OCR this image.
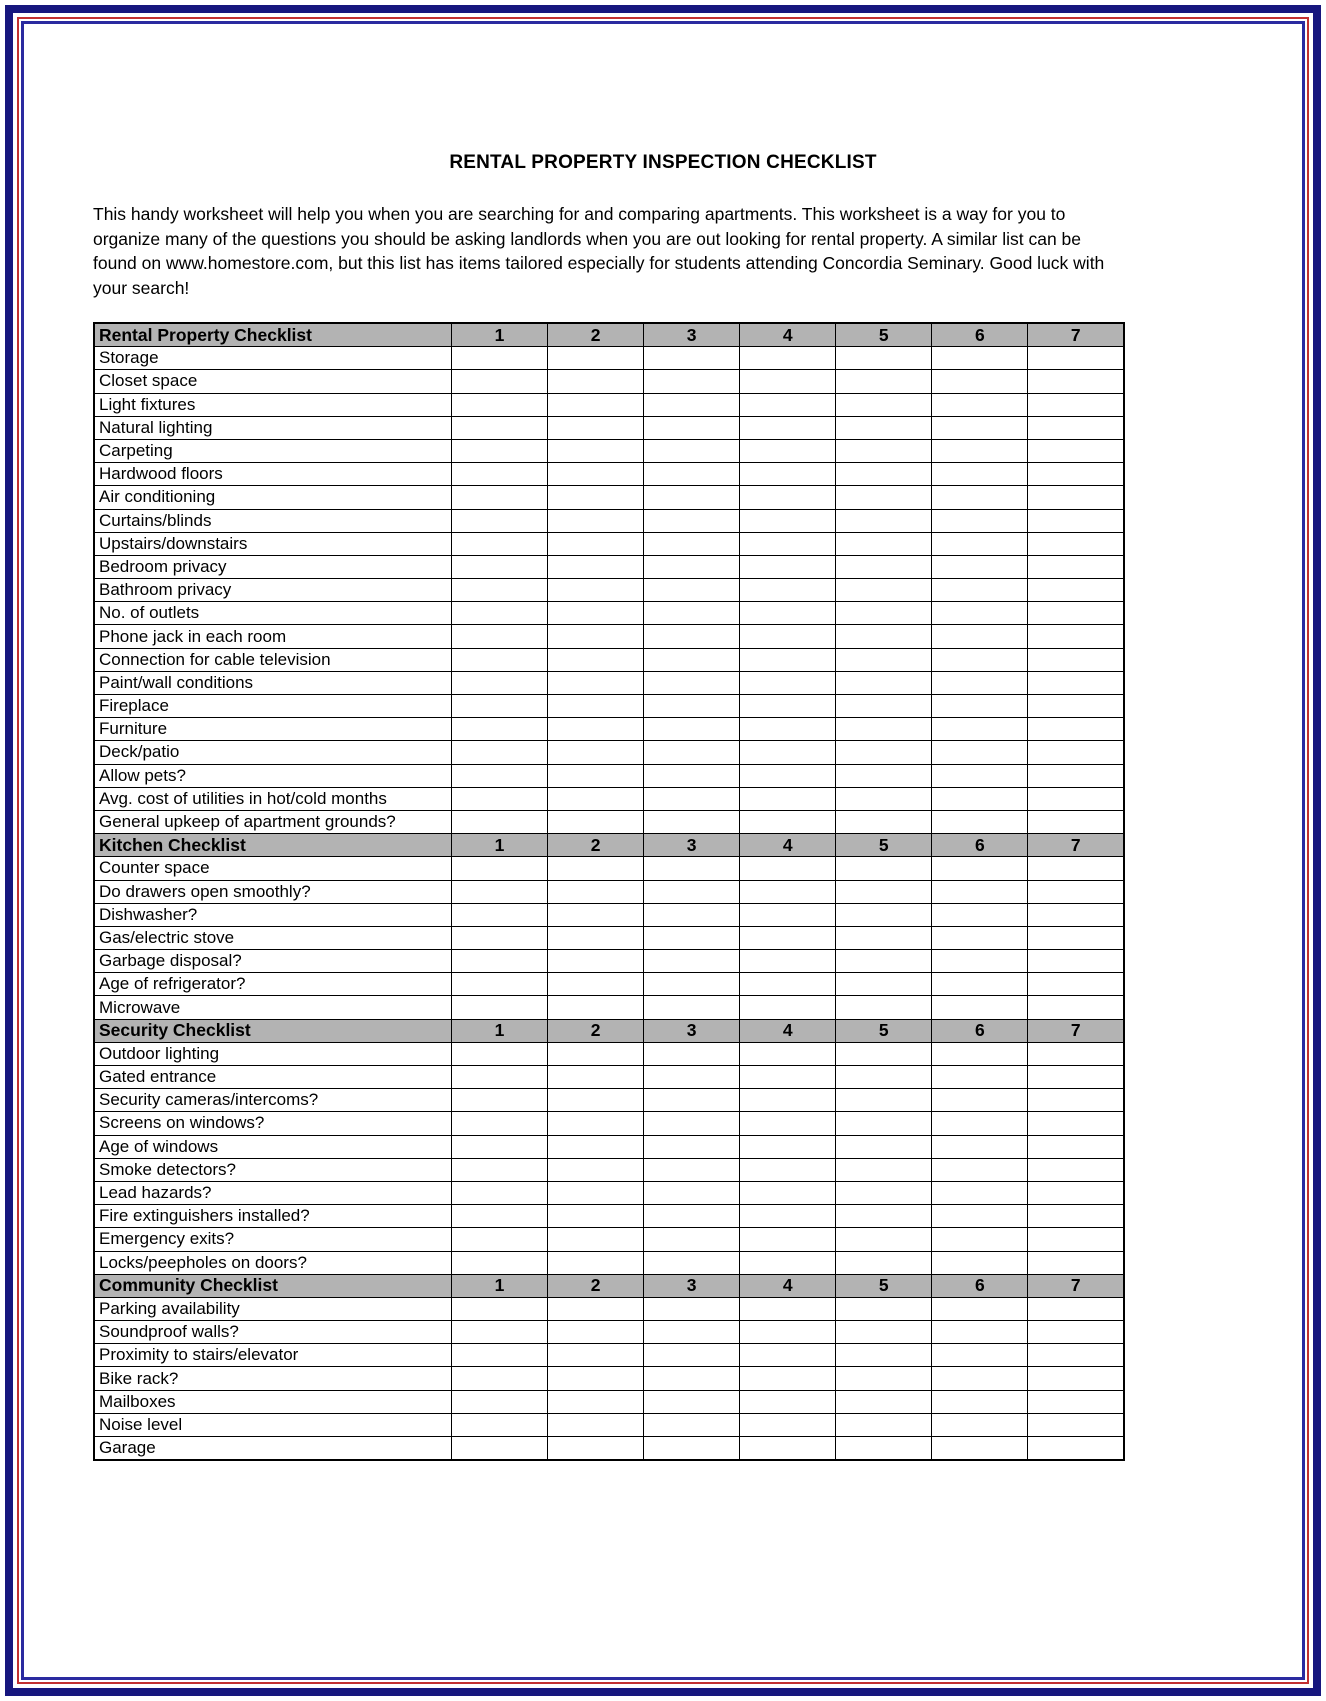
RENTAL PROPERTY INSPECTION CHECKLIST

This handy worksheet will help you when you are searching for and comparing apartments. This worksheet is a way for you to organize many of the questions you should be asking landlords when you are out looking for rental property. A similar list can be found on www.homestore.com, but this list has items tailored especially for students attending Concordia Seminary. Good luck with your search!

Rental Property Checklist	1	2	3	4	5	6	7
Storage							
Closet space							
Light fixtures							
Natural lighting							
Carpeting							
Hardwood floors							
Air conditioning							
Curtains/blinds							
Upstairs/downstairs							
Bedroom privacy							
Bathroom privacy							
No. of outlets							
Phone jack in each room							
Connection for cable television							
Paint/wall conditions							
Fireplace							
Furniture							
Deck/patio							
Allow pets?							
Avg. cost of utilities in hot/cold months							
General upkeep of apartment grounds?							
Kitchen Checklist	1	2	3	4	5	6	7
Counter space							
Do drawers open smoothly?							
Dishwasher?							
Gas/electric stove							
Garbage disposal?							
Age of refrigerator?							
Microwave							
Security Checklist	1	2	3	4	5	6	7
Outdoor lighting							
Gated entrance							
Security cameras/intercoms?							
Screens on windows?							
Age of windows							
Smoke detectors?							
Lead hazards?							
Fire extinguishers installed?							
Emergency exits?							
Locks/peepholes on doors?							
Community Checklist	1	2	3	4	5	6	7
Parking availability							
Soundproof walls?							
Proximity to stairs/elevator							
Bike rack?							
Mailboxes							
Noise level							
Garage							
